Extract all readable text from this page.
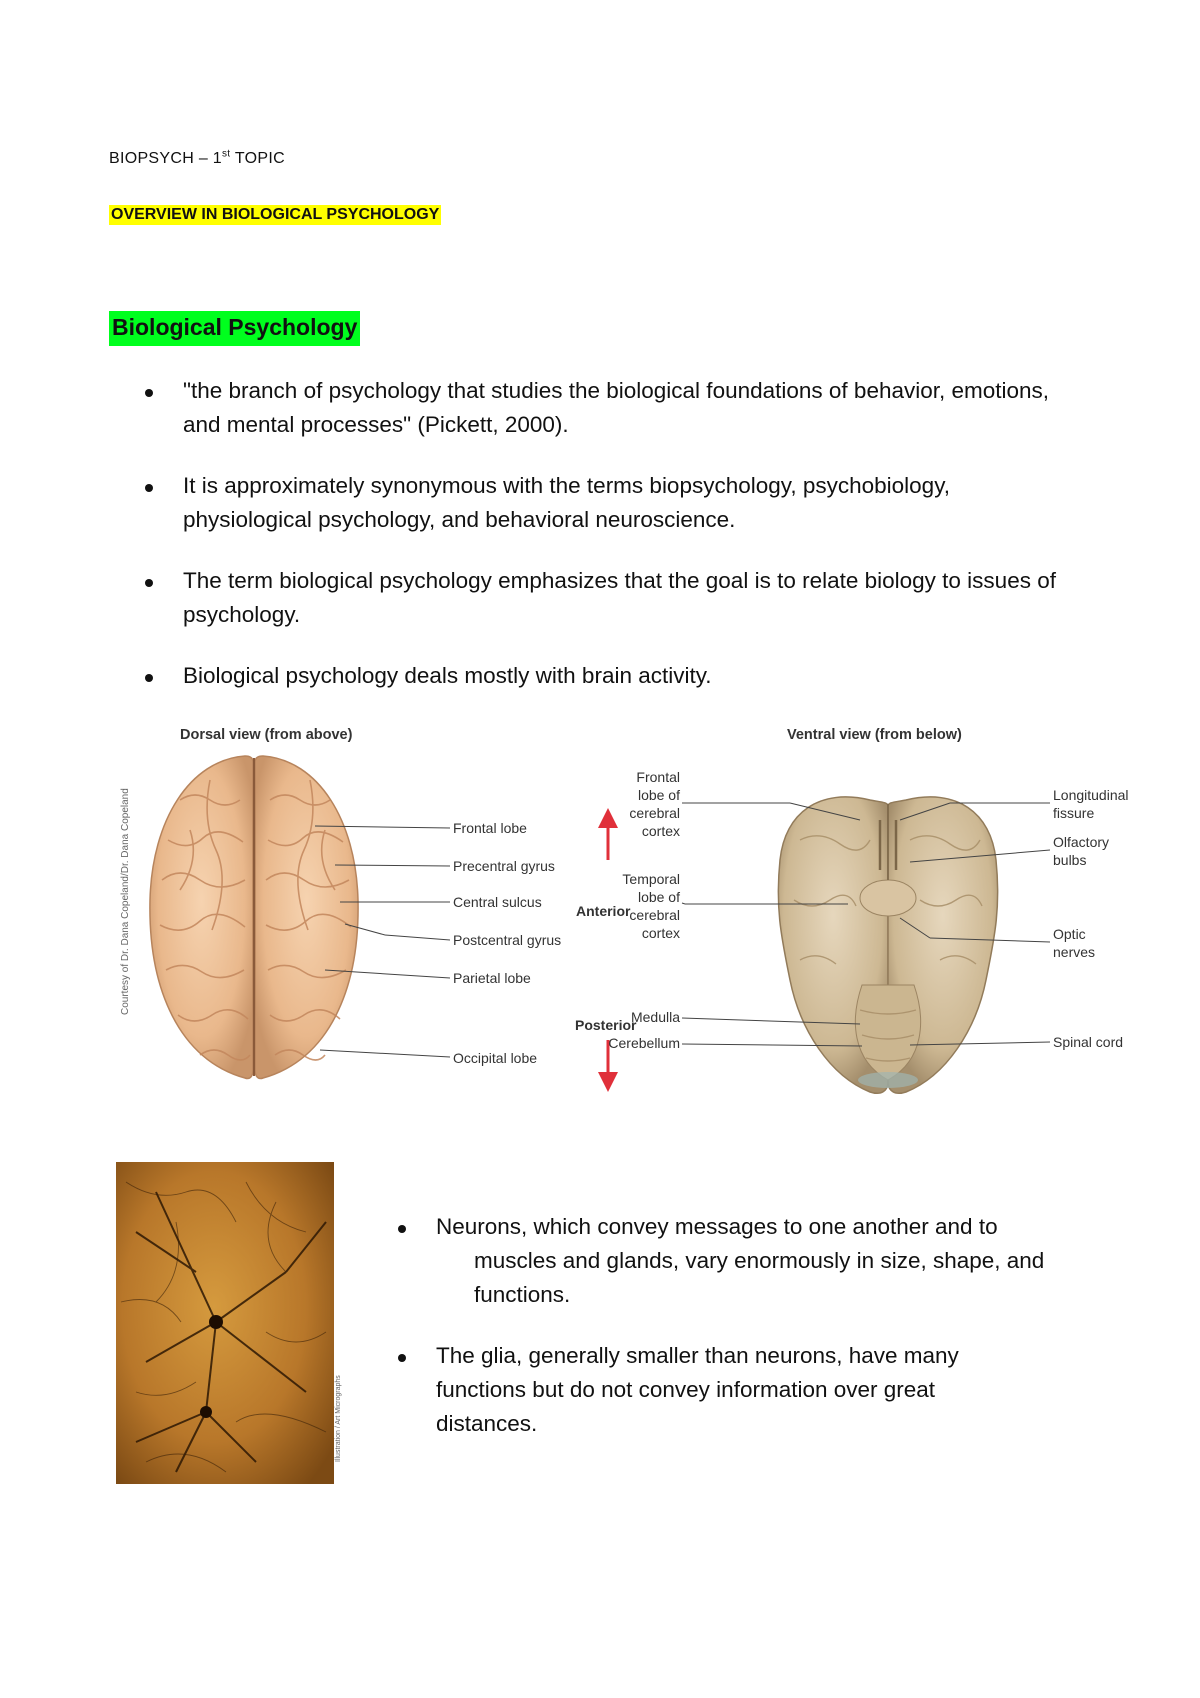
BIOPSYCH – 1st TOPIC
OVERVIEW IN BIOLOGICAL PSYCHOLOGY
Biological Psychology
"the branch of psychology that studies the biological foundations of behavior, emotions, and mental processes" (Pickett, 2000).
It is approximately synonymous with the terms biopsychology, psychobiology, physiological psychology, and behavioral neuroscience.
The term biological psychology emphasizes that the goal is to relate biology to issues of psychology.
Biological psychology deals mostly with brain activity.
Courtesy of Dr. Dana Copeland/Dr. Dana Copeland
Dorsal view (from above)	Ventral view (from below)
Frontal lobe
Precentral gyrus
Central sulcus
Postcentral gyrus
Parietal lobe
Occipital lobe
Anterior
Posterior
Frontal
lobe of
cerebral
cortex
Temporal
lobe of
cerebral
cortex
Medulla
Cerebellum
Longitudinal
fissure
Olfactory
bulbs
Optic
nerves
Spinal cord
Illustration / Art Micrographs
Neurons, which convey messages to one another and to
muscles and glands, vary enormously in size, shape, and functions.
The glia, generally smaller than neurons, have many functions but do not convey information over great distances.
